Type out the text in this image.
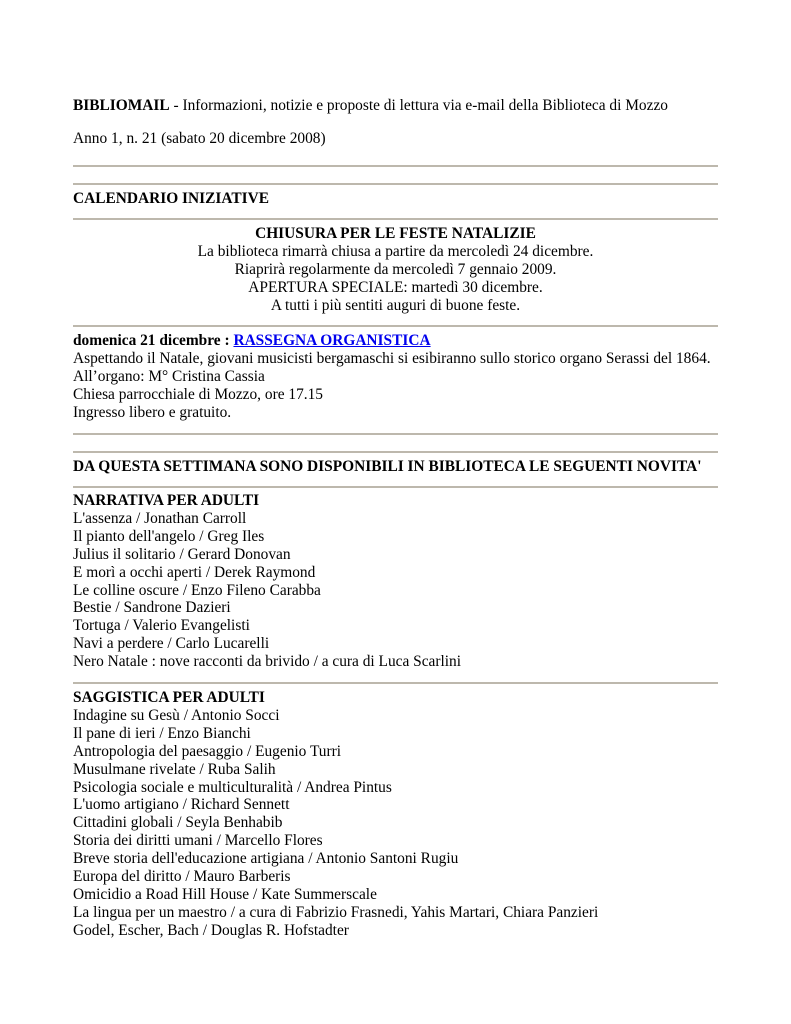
BIBLIOMAIL - Informazioni, notizie e proposte di lettura via e-mail della Biblioteca di Mozzo
Anno 1, n. 21 (sabato 20 dicembre 2008)
CALENDARIO INIZIATIVE
CHIUSURA PER LE FESTE NATALIZIE
La biblioteca rimarrà chiusa a partire da mercoledì 24 dicembre.
Riaprirà regolarmente da mercoledì 7 gennaio 2009.
APERTURA SPECIALE: martedì 30 dicembre.
A tutti i più sentiti auguri di buone feste.
domenica 21 dicembre : RASSEGNA ORGANISTICA
Aspettando il Natale, giovani musicisti bergamaschi si esibiranno sullo storico organo Serassi del 1864.
All’organo: M° Cristina Cassia
Chiesa parrocchiale di Mozzo, ore 17.15
Ingresso libero e gratuito.
DA QUESTA SETTIMANA SONO DISPONIBILI IN BIBLIOTECA LE SEGUENTI NOVITA'
NARRATIVA PER ADULTI
L'assenza / Jonathan Carroll
Il pianto dell'angelo / Greg Iles
Julius il solitario / Gerard Donovan
E morì a occhi aperti / Derek Raymond
Le colline oscure / Enzo Fileno Carabba
Bestie / Sandrone Dazieri
Tortuga / Valerio Evangelisti
Navi a perdere / Carlo Lucarelli
Nero Natale : nove racconti da brivido / a cura di Luca Scarlini
SAGGISTICA PER ADULTI
Indagine su Gesù / Antonio Socci
Il pane di ieri / Enzo Bianchi
Antropologia del paesaggio / Eugenio Turri
Musulmane rivelate / Ruba Salih
Psicologia sociale e multiculturalità / Andrea Pintus
L'uomo artigiano / Richard Sennett
Cittadini globali / Seyla Benhabib
Storia dei diritti umani / Marcello Flores
Breve storia dell'educazione artigiana / Antonio Santoni Rugiu
Europa del diritto / Mauro Barberis
Omicidio a Road Hill House / Kate Summerscale
La lingua per un maestro / a cura di Fabrizio Frasnedi, Yahis Martari, Chiara Panzieri
Godel, Escher, Bach / Douglas R. Hofstadter
